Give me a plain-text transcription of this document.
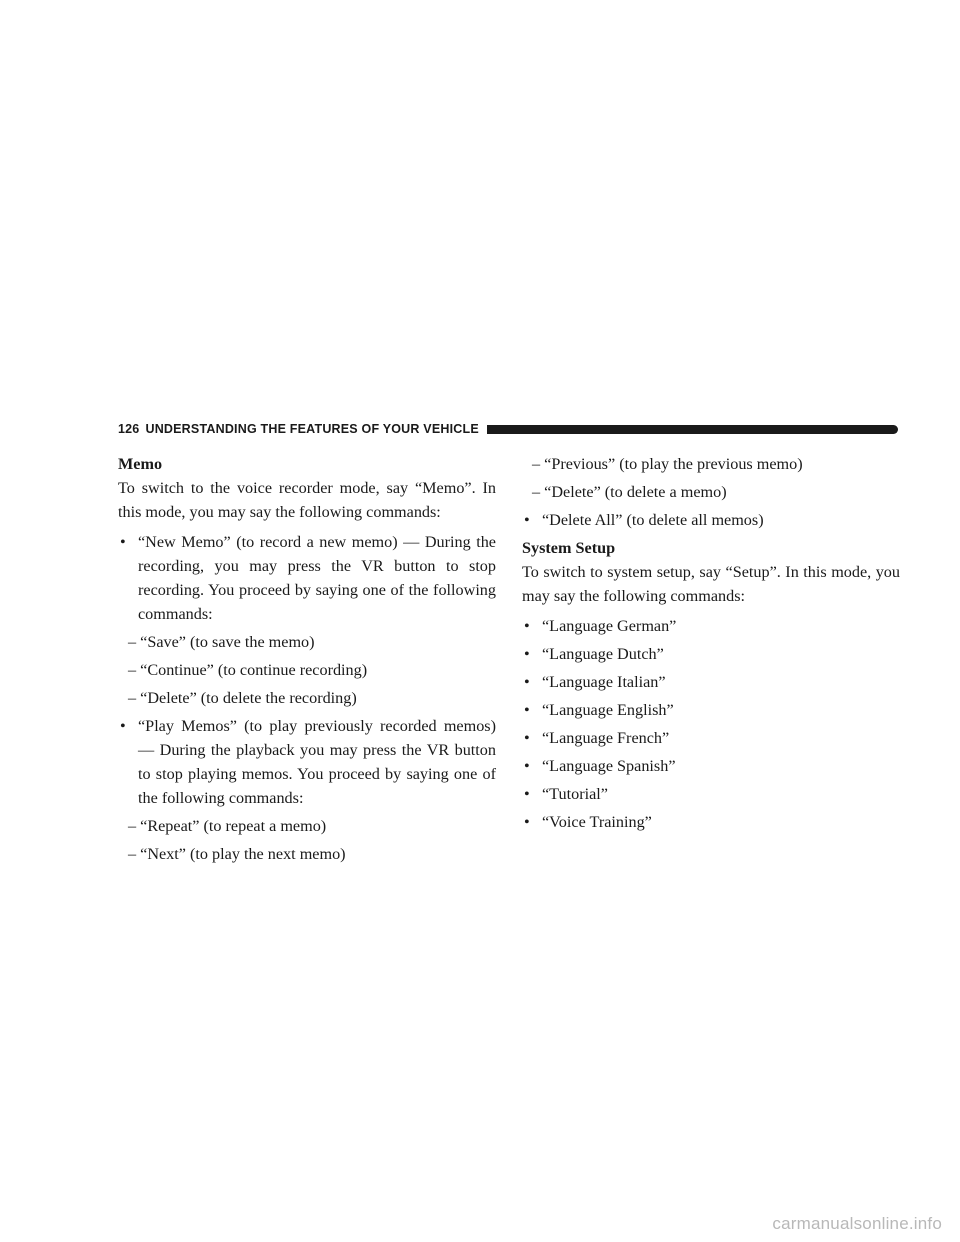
126 UNDERSTANDING THE FEATURES OF YOUR VEHICLE

Memo

To switch to the voice recorder mode, say “Memo”. In this mode, you may say the following commands:

• “New Memo” (to record a new memo) — During the recording, you may press the VR button to stop recording. You proceed by saying one of the following commands:

– “Save” (to save the memo)

– “Continue” (to continue recording)

– “Delete” (to delete the recording)

• “Play Memos” (to play previously recorded memos) — During the playback you may press the VR button to stop playing memos. You proceed by saying one of the following commands:

– “Repeat” (to repeat a memo)

– “Next” (to play the next memo)

– “Previous” (to play the previous memo)

– “Delete” (to delete a memo)

• “Delete All” (to delete all memos)

System Setup

To switch to system setup, say “Setup”. In this mode, you may say the following commands:

• “Language German”
• “Language Dutch”
• “Language Italian”
• “Language English”
• “Language French”
• “Language Spanish”
• “Tutorial”
• “Voice Training”
carmanualsonline.info
